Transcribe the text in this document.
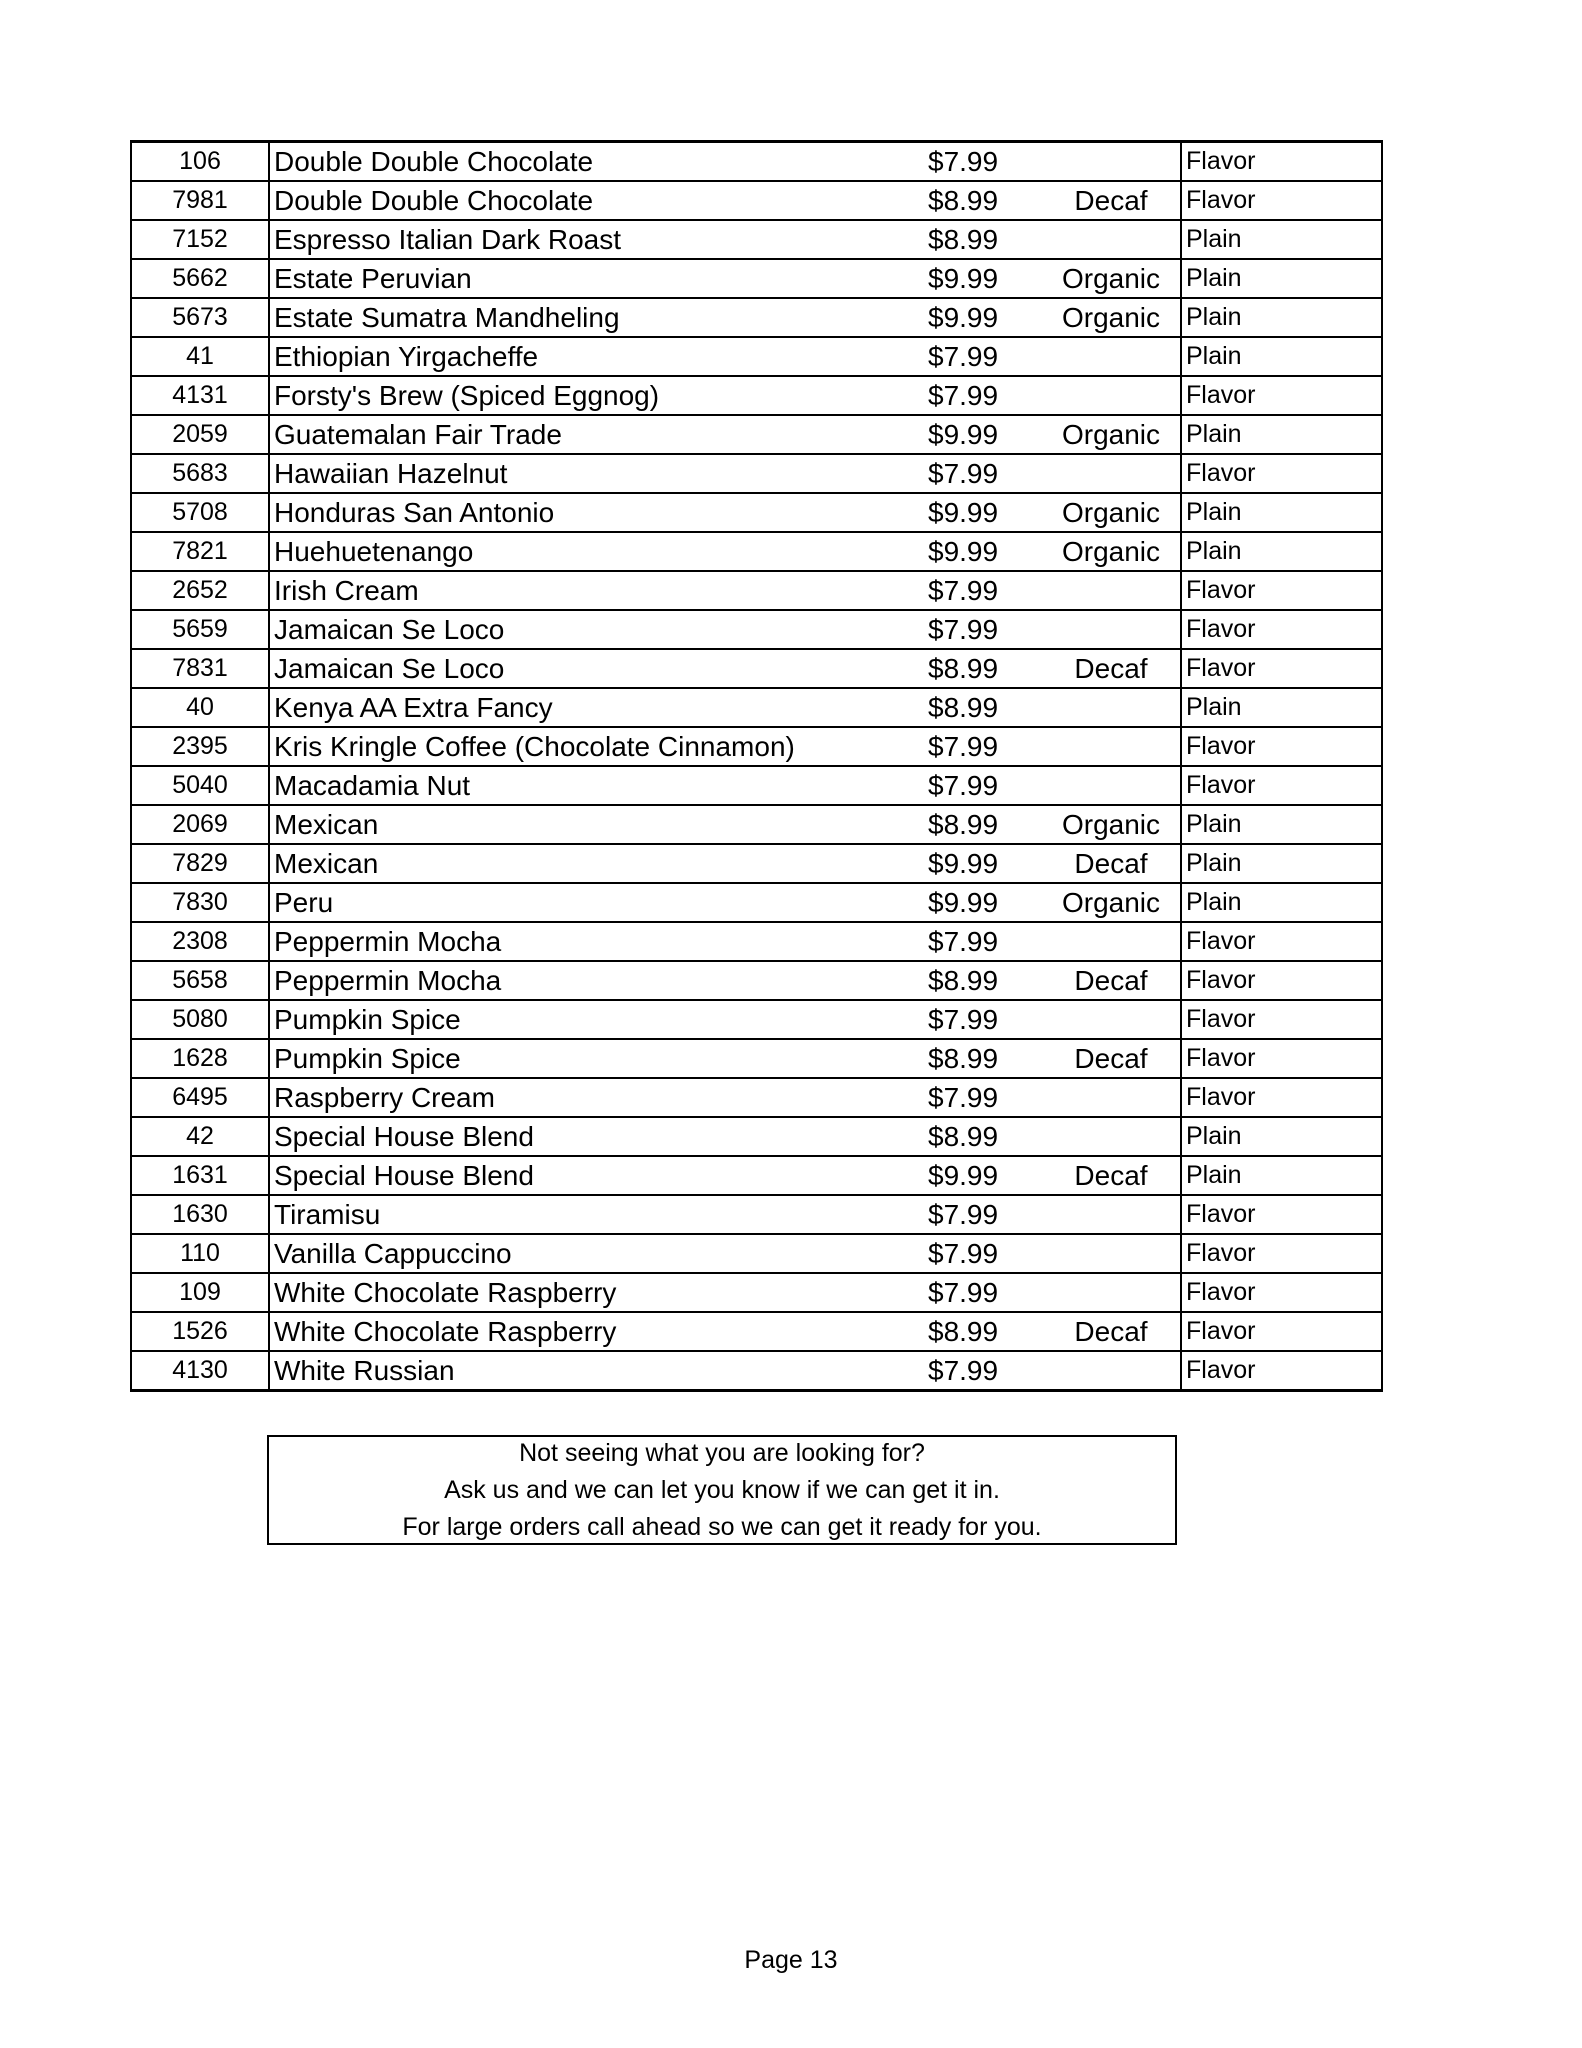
106	Double Double Chocolate	$7.99		Flavor
7981	Double Double Chocolate	$8.99	Decaf	Flavor
7152	Espresso Italian Dark Roast	$8.99		Plain
5662	Estate Peruvian	$9.99	Organic	Plain
5673	Estate Sumatra Mandheling	$9.99	Organic	Plain
41	Ethiopian Yirgacheffe	$7.99		Plain
4131	Forsty's Brew (Spiced Eggnog)	$7.99		Flavor
2059	Guatemalan Fair Trade	$9.99	Organic	Plain
5683	Hawaiian Hazelnut	$7.99		Flavor
5708	Honduras San Antonio	$9.99	Organic	Plain
7821	Huehuetenango	$9.99	Organic	Plain
2652	Irish Cream	$7.99		Flavor
5659	Jamaican Se Loco	$7.99		Flavor
7831	Jamaican Se Loco	$8.99	Decaf	Flavor
40	Kenya AA Extra Fancy	$8.99		Plain
2395	Kris Kringle Coffee (Chocolate Cinnamon)	$7.99		Flavor
5040	Macadamia Nut	$7.99		Flavor
2069	Mexican	$8.99	Organic	Plain
7829	Mexican	$9.99	Decaf	Plain
7830	Peru	$9.99	Organic	Plain
2308	Peppermin Mocha	$7.99		Flavor
5658	Peppermin Mocha	$8.99	Decaf	Flavor
5080	Pumpkin Spice	$7.99		Flavor
1628	Pumpkin Spice	$8.99	Decaf	Flavor
6495	Raspberry Cream	$7.99		Flavor
42	Special House Blend	$8.99		Plain
1631	Special House Blend	$9.99	Decaf	Plain
1630	Tiramisu	$7.99		Flavor
110	Vanilla Cappuccino	$7.99		Flavor
109	White Chocolate Raspberry	$7.99		Flavor
1526	White Chocolate Raspberry	$8.99	Decaf	Flavor
4130	White Russian	$7.99		Flavor
Not seeing what you are looking for?
Ask us and we can let you know if we can get it in.
For large orders call ahead so we can get it ready for you.
Page 13
